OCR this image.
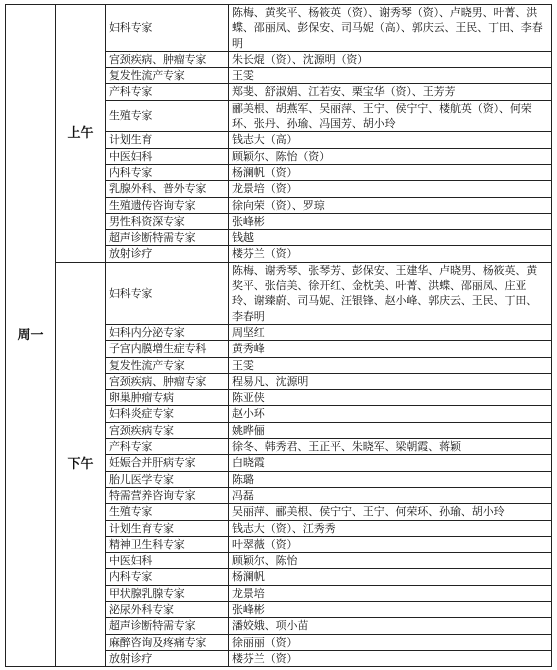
周一	上午	妇科专家	陈梅、黄奖平、杨筱英（资）、谢秀琴（资）、卢晓男、叶菁、洪蝶、邵丽凤、彭保安、司马妮（高）、郭庆云、王民、丁田、李春明
		宫颈疾病、肿瘤专家	朱长焜（资）、沈源明（资）
		复发性流产专家	王雯
		产科专家	郑斐、舒淑娟、江若安、栗宝华（资）、王芳芳
		生殖专家	郦美根、胡燕军、吴丽萍、王宁、侯宁宁、楼航英（资）、何荣环、张丹、孙瑜、冯国芳、胡小玲
		计划生育	钱志大（高）
		中医妇科	顾颖尔、陈怡（资）
		内科专家	杨澜帆（资）
		乳腺外科、普外专家	龙景培（资）
		生殖遗传咨询专家	徐向荣（资）、罗琼
		男性科资深专家	张峰彬
		超声诊断特需专家	钱越
		放射诊疗	楼芬兰（资）
	下午	妇科专家	陈梅、谢秀琴、张琴芳、彭保安、王建华、卢晓男、杨筱英、黄奖平、张信美、徐开红、金枕美、叶菁、洪蝶、邵丽凤、庄亚玲、谢臻蔚、司马妮、汪银锋、赵小峰、郭庆云、王民、丁田、李春明
		妇科内分泌专家	周坚红
		子宫内膜增生症专科	黄秀峰
		复发性流产专家	王雯
		宫颈疾病、肿瘤专家	程易凡、沈源明
		卵巢肿瘤专病	陈亚侠
		妇科炎症专家	赵小环
		宫颈疾病专家	姚晔俪
		产科专家	徐冬、韩秀君、王正平、朱晓军、梁朝霞、蒋颖
		妊娠合并肝病专家	白晓霞
		胎儿医学专家	陈璐
		特需营养咨询专家	冯磊
		生殖专家	吴丽萍、郦美根、侯宁宁、王宁、何荣环、孙瑜、胡小玲
		计划生育专家	钱志大（资）、江秀秀
		精神卫生科专家	叶翠薇（资）
		中医妇科	顾颖尔、陈怡
		内科专家	杨澜帆
		甲状腺乳腺专家	龙景培
		泌尿外科专家	张峰彬
		超声诊断特需专家	潘姣娥、项小苗
		麻醉咨询及疼痛专家	徐丽丽（资）
		放射诊疗	楼芬兰（资）
